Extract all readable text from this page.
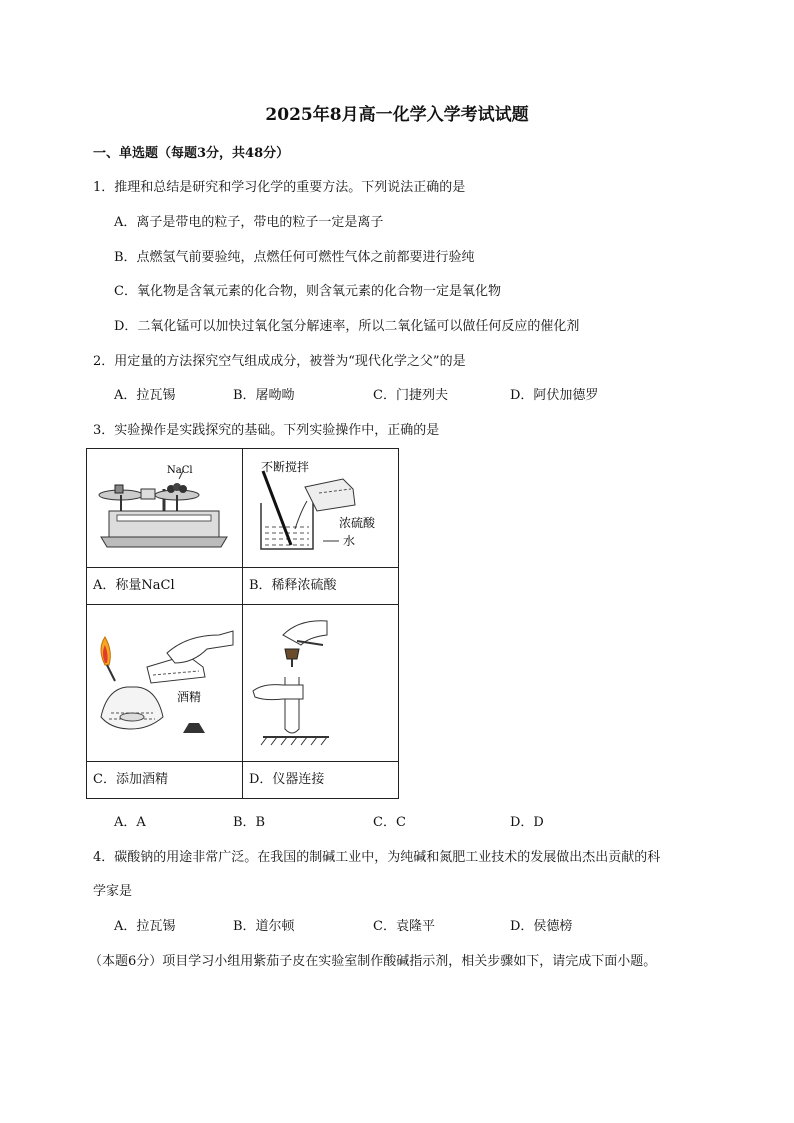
2025年8月高一化学入学考试试题
一、单选题（每题3分，共48分）
1．推理和总结是研究和学习化学的重要方法。下列说法正确的是
A．离子是带电的粒子，带电的粒子一定是离子
B．点燃氢气前要验纯，点燃任何可燃性气体之前都要进行验纯
C．氧化物是含氧元素的化合物，则含氧元素的化合物一定是氧化物
D．二氧化锰可以加快过氧化氢分解速率，所以二氧化锰可以做任何反应的催化剂
2．用定量的方法探究空气组成成分，被誉为“现代化学之父”的是
A．拉瓦锡	B．屠呦呦	C．门捷列夫	D．阿伏加德罗
3．实验操作是实践探究的基础。下列实验操作中，正确的是
NaCl	不断搅拌
浓硫酸
水

A．称量NaCl	B．稀释浓硫酸

酒精

C．添加酒精	D．仪器连接
A．A	B．B	C．C	D．D
4．碳酸钠的用途非常广泛。在我国的制碱工业中，为纯碱和氮肥工业技术的发展做出杰出贡献的科
学家是
A．拉瓦锡	B．道尔顿	C．袁隆平	D．侯德榜
（本题6分）项目学习小组用紫茄子皮在实验室制作酸碱指示剂，相关步骤如下，请完成下面小题。
